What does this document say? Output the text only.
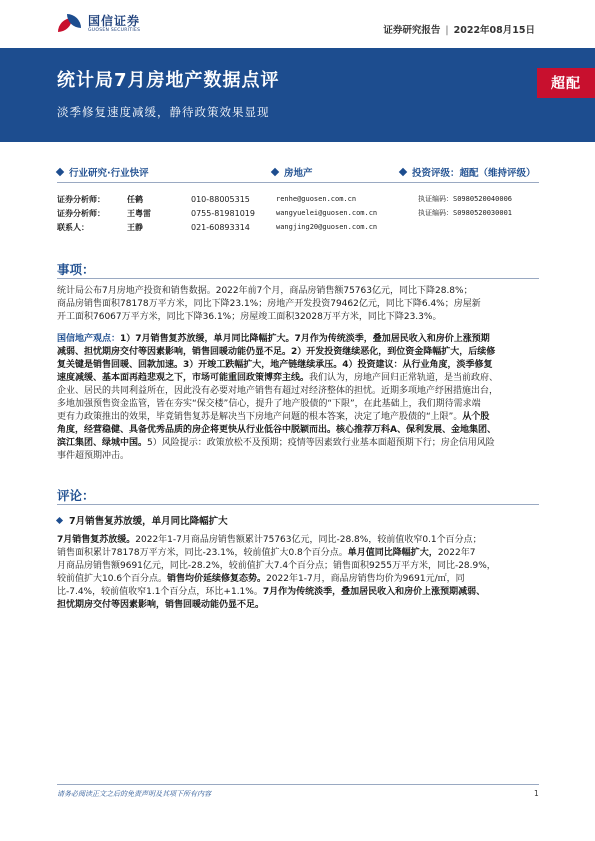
国信证券
GUOSEN SECURITIES	证券研究报告 | 2022年08月15日
统计局7月房地产数据点评
淡季修复速度减缓，静待政策效果显现
超配
行业研究·行业快评	房地产	投资评级：超配（维持评级）
证券分析师：	任鹤	010-88005315	renhe@guosen.com.cn	执证编码：S0980520040006
证券分析师：	王粤雷	0755-81981019	wangyuelei@guosen.com.cn	执证编码：S0980520030001
联系人：	王静	021-60893314	wangjing20@guosen.com.cn
事项：
统计局公布7月房地产投资和销售数据。2022年前7个月，商品房销售额75763亿元，同比下降28.8%；
商品房销售面积78178万平方米，同比下降23.1%；房地产开发投资79462亿元，同比下降6.4%；房屋新
开工面积76067万平方米，同比下降36.1%；房屋竣工面积32028万平方米，同比下降23.3%。
国信地产观点：1）7月销售复苏放缓，单月同比降幅扩大。7月作为传统淡季，叠加居民收入和房价上涨预期
减弱、担忧期房交付等因素影响，销售回暖动能仍显不足。2）开发投资继续恶化，到位资金降幅扩大，后续修
复关键是销售回暖、回款加速。3）开竣工跌幅扩大，地产链继续承压。4）投资建议：从行业角度，淡季修复
速度减缓、基本面再趋悲观之下，市场可能重回政策博弈主线。我们认为，房地产回归正常轨道，是当前政府、
企业、居民的共同利益所在，因此没有必要对地产销售有超过对经济整体的担忧。近期多项地产纾困措施出台，
多地加强预售资金监管，皆在夯实“保交楼”信心，提升了地产股债的“下限”，在此基础上，我们期待需求端
更有力政策推出的效果，毕竟销售复苏是解决当下房地产问题的根本答案，决定了地产股债的“上限”。从个股
角度，经营稳健、具备优秀品质的房企将更快从行业低谷中脱颖而出。核心推荐万科A、保利发展、金地集团、
滨江集团、绿城中国。5）风险提示：政策放松不及预期；疫情等因素致行业基本面超预期下行；房企信用风险
事件超预期冲击。
评论：
7月销售复苏放缓，单月同比降幅扩大
7月销售复苏放缓。2022年1-7月商品房销售额累计75763亿元，同比-28.8%，较前值收窄0.1个百分点；
销售面积累计78178万平方米，同比-23.1%，较前值扩大0.8个百分点。单月值同比降幅扩大，2022年7
月商品房销售额9691亿元，同比-28.2%，较前值扩大7.4个百分点；销售面积9255万平方米，同比-28.9%，
较前值扩大10.6个百分点。销售均价延续修复态势。2022年1-7月，商品房销售均价为9691元/㎡，同
比-7.4%，较前值收窄1.1个百分点，环比+1.1%。7月作为传统淡季，叠加居民收入和房价上涨预期减弱、
担忧期房交付等因素影响，销售回暖动能仍显不足。
请务必阅读正文之后的免责声明及其项下所有内容	1
